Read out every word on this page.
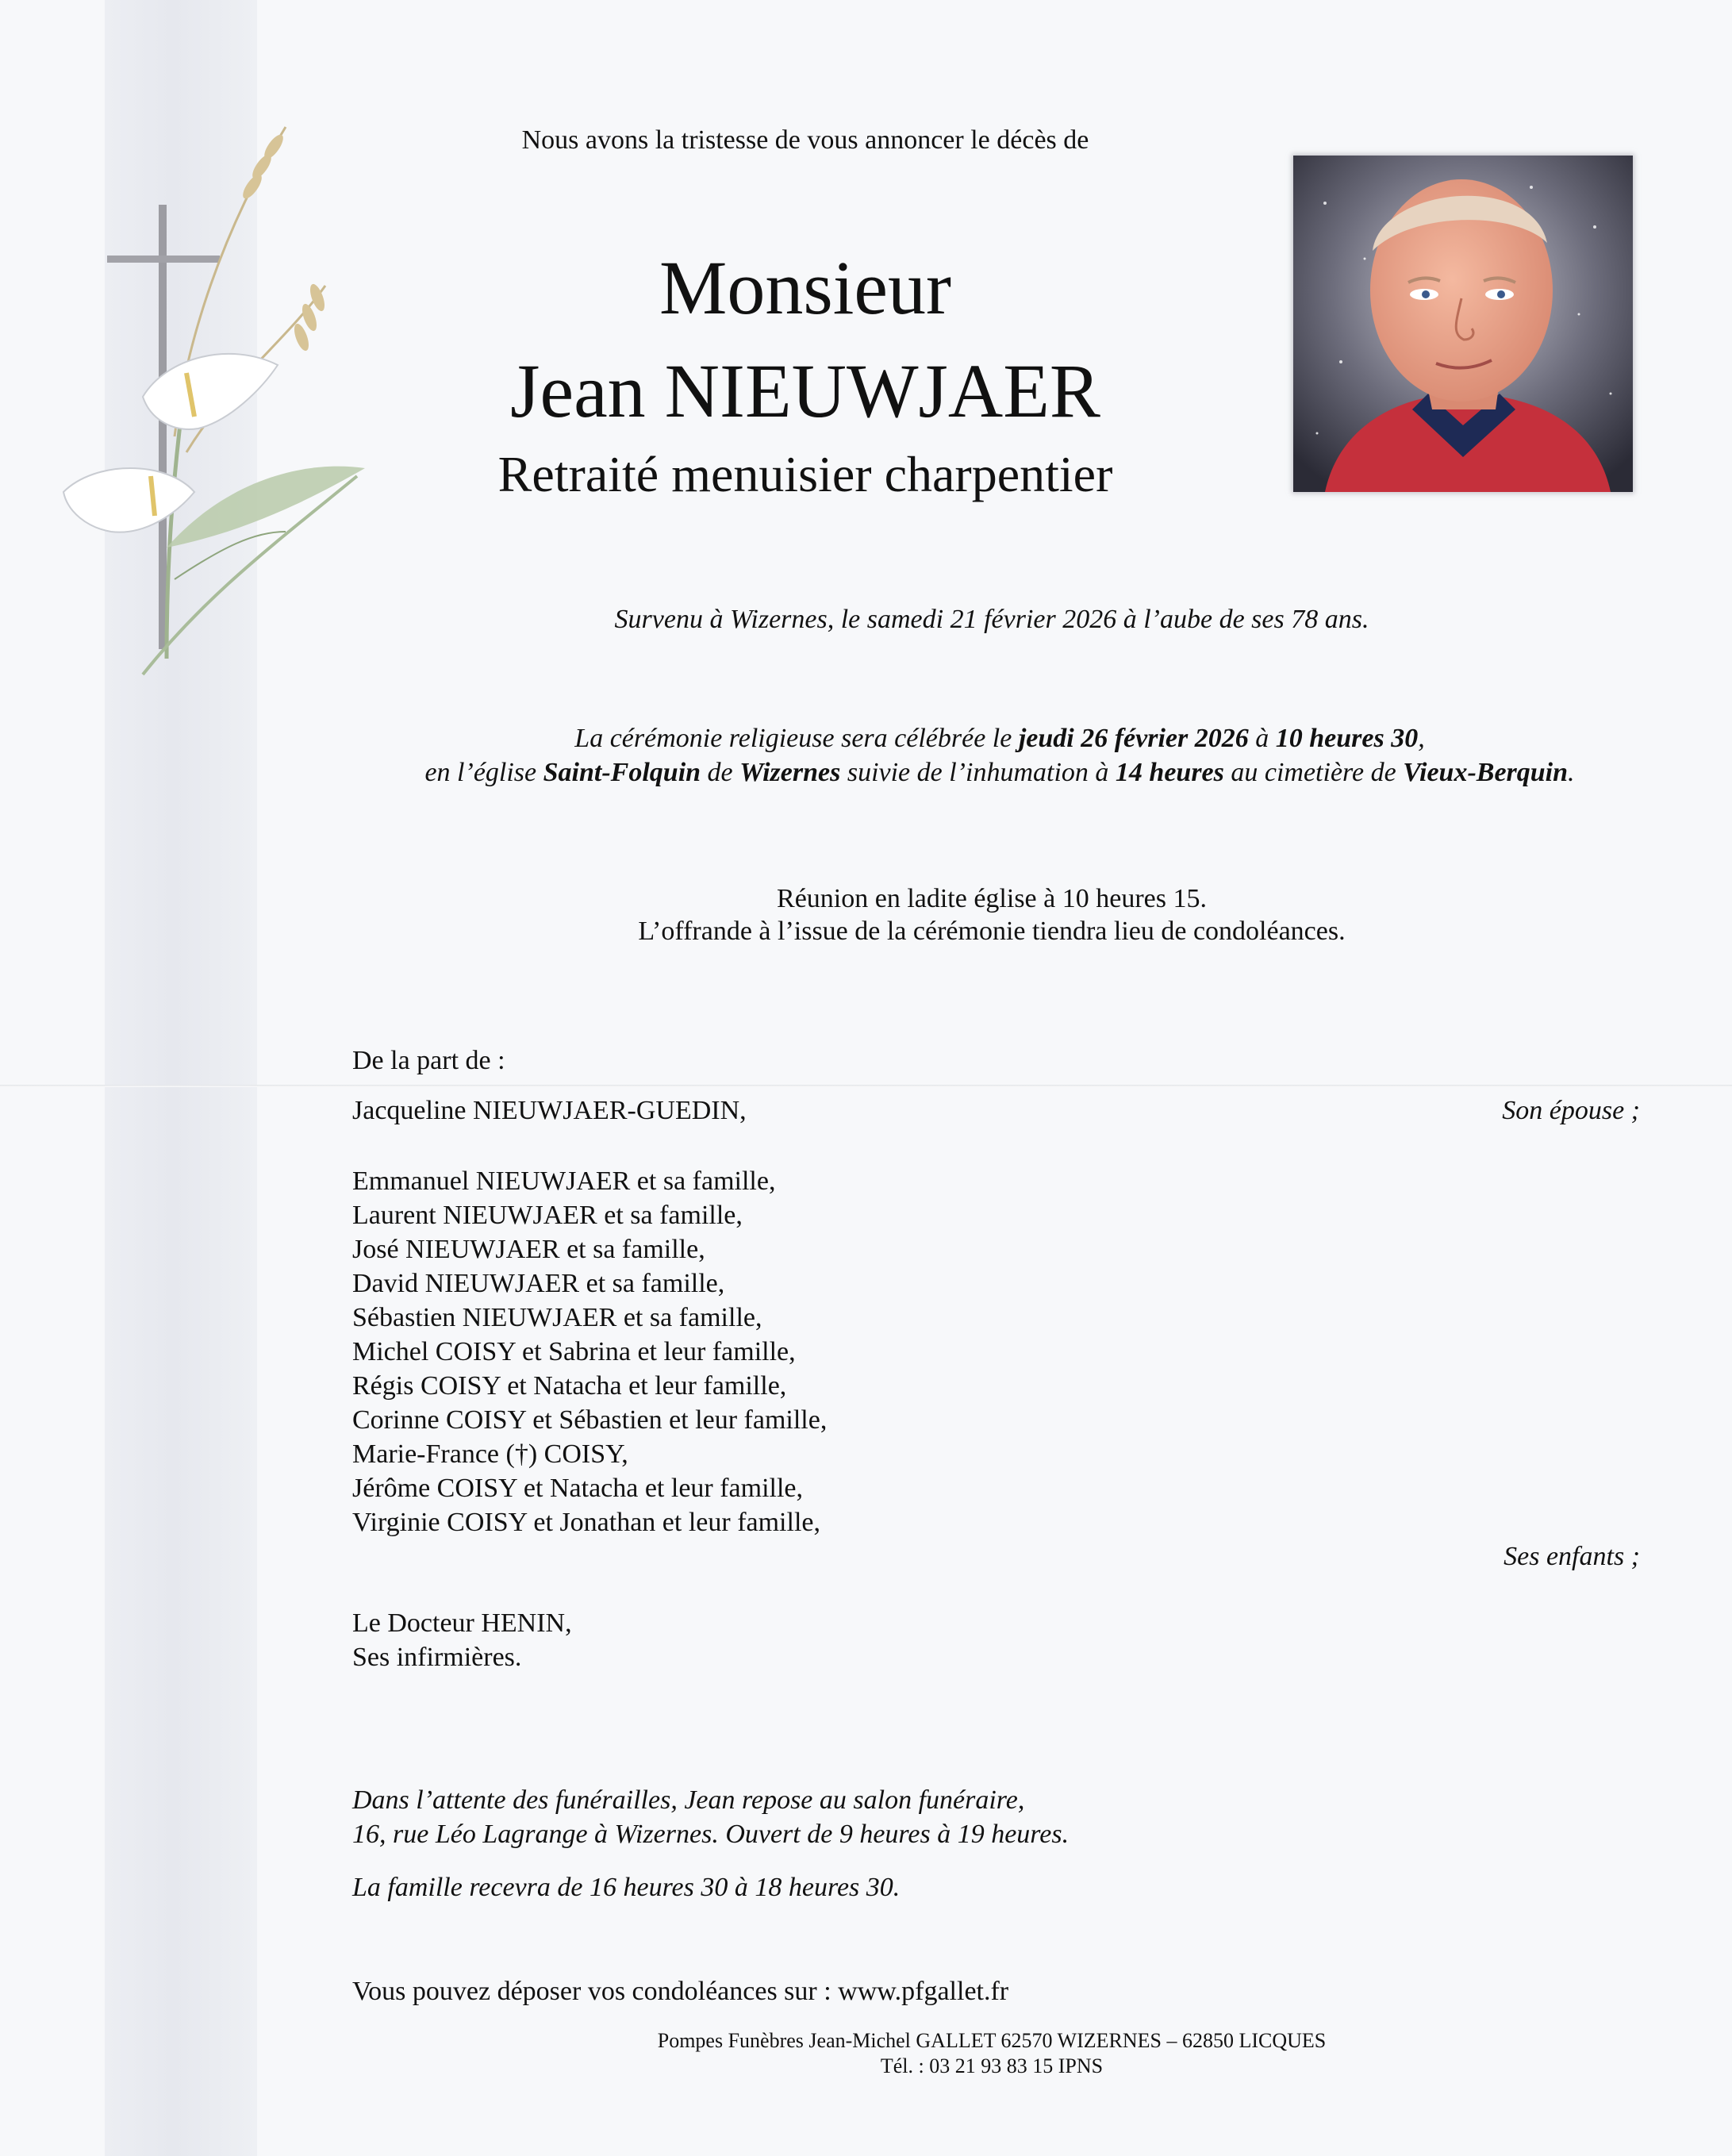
Nous avons la tristesse de vous annoncer le décès de
Monsieur
Jean NIEUWJAER
Retraité menuisier charpentier
Survenu à Wizernes, le samedi 21 février 2026 à l’aube de ses 78 ans.
La cérémonie religieuse sera célébrée le jeudi 26 février 2026 à 10 heures 30,
en l’église Saint-Folquin de Wizernes suivie de l’inhumation à 14 heures au cimetière de Vieux-Berquin.
Réunion en ladite église à 10 heures 15.
L’offrande à l’issue de la cérémonie tiendra lieu de condoléances.
De la part de :
Jacqueline NIEUWJAER-GUEDIN,	Son épouse ;
Emmanuel NIEUWJAER et sa famille,
Laurent NIEUWJAER et sa famille,
José NIEUWJAER et sa famille,
David NIEUWJAER et sa famille,
Sébastien NIEUWJAER et sa famille,
Michel COISY et Sabrina et leur famille,
Régis COISY et Natacha et leur famille,
Corinne COISY et Sébastien et leur famille,
Marie-France (†) COISY,
Jérôme COISY et Natacha et leur famille,
Virginie COISY et Jonathan et leur famille,
Ses enfants ;
Le Docteur HENIN,
Ses infirmières.
Dans l’attente des funérailles, Jean repose au salon funéraire,
16, rue Léo Lagrange à Wizernes. Ouvert de 9 heures à 19 heures.
La famille recevra de 16 heures 30 à 18 heures 30.
Vous pouvez déposer vos condoléances sur : www.pfgallet.fr
Pompes Funèbres Jean-Michel GALLET 62570 WIZERNES – 62850 LICQUES
Tél. : 03 21 93 83 15 IPNS
